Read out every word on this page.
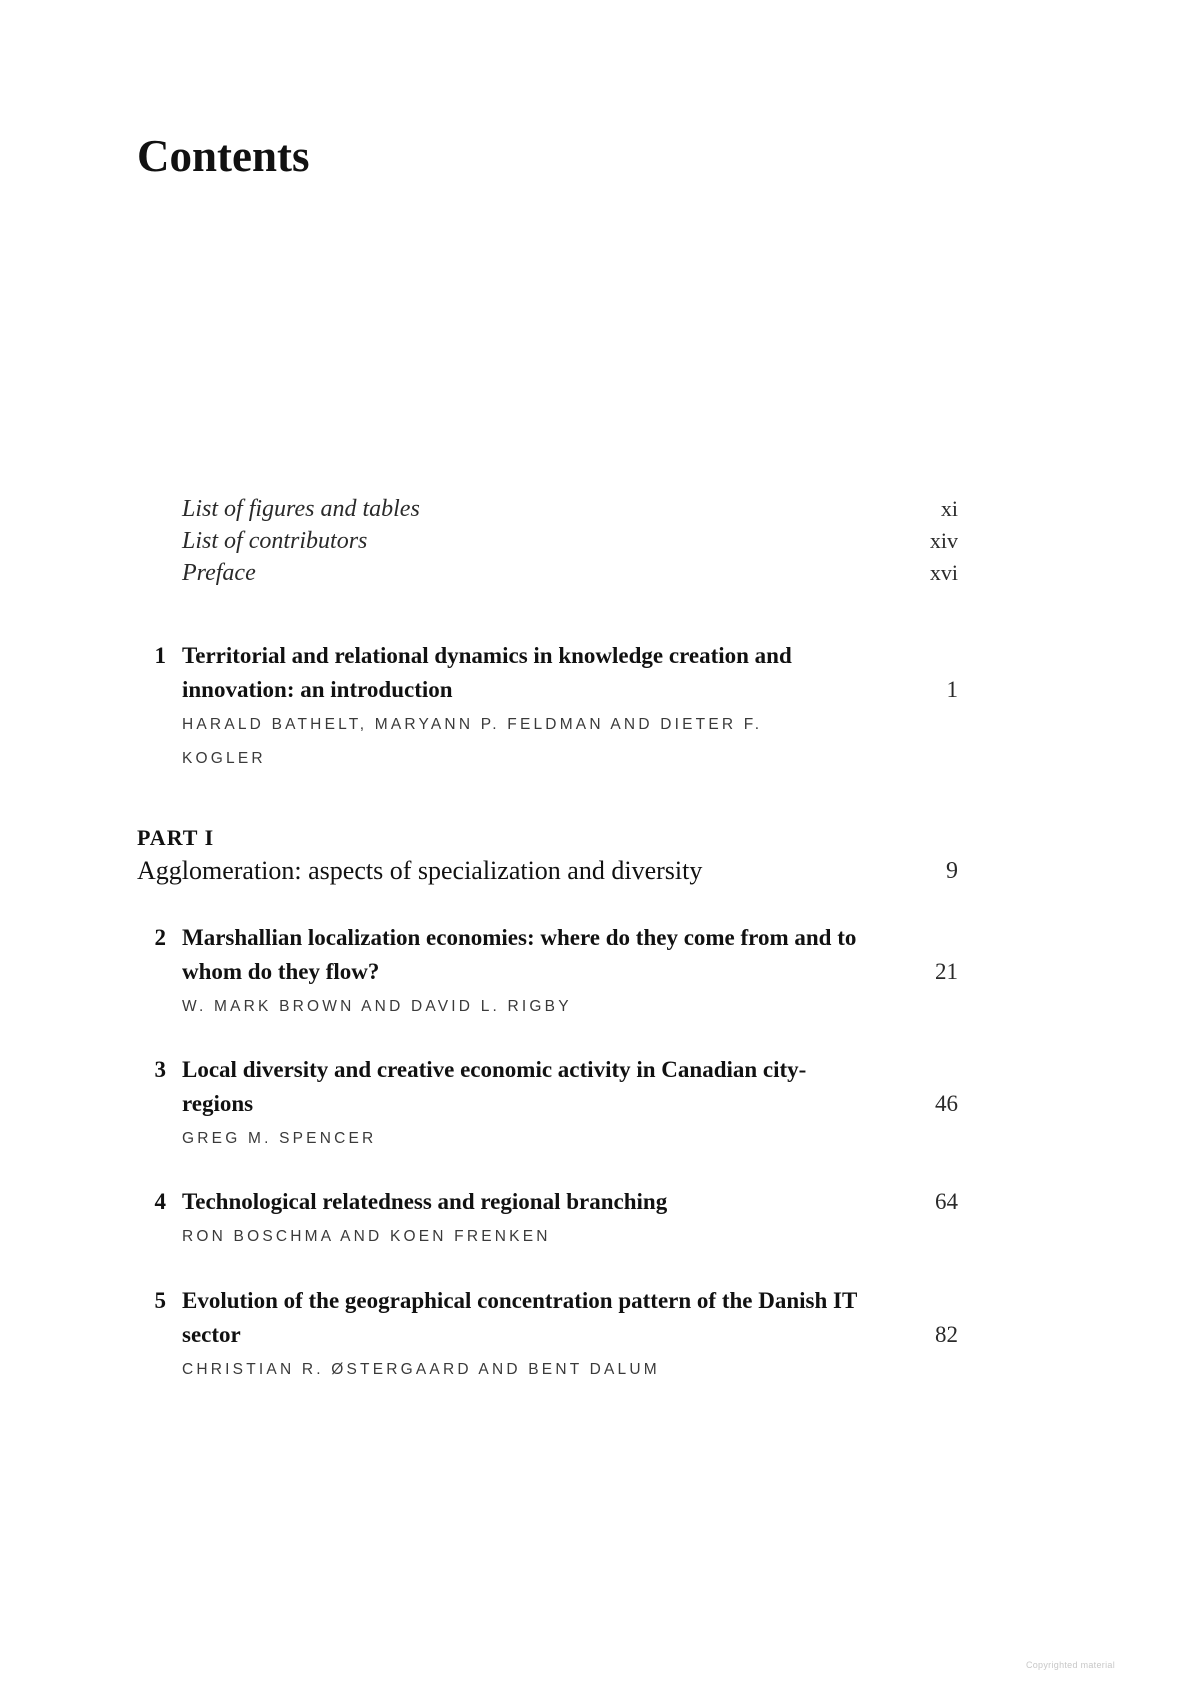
Contents
List of figures and tables	xi
List of contributors	xiv
Preface	xvi
1 Territorial and relational dynamics in knowledge creation and innovation: an introduction	1
HARALD BATHELT, MARYANN P. FELDMAN AND DIETER F. KOGLER
PART I
Agglomeration: aspects of specialization and diversity	9
2 Marshallian localization economies: where do they come from and to whom do they flow?	21
W. MARK BROWN AND DAVID L. RIGBY
3 Local diversity and creative economic activity in Canadian city-regions	46
GREG M. SPENCER
4 Technological relatedness and regional branching	64
RON BOSCHMA AND KOEN FRENKEN
5 Evolution of the geographical concentration pattern of the Danish IT sector	82
CHRISTIAN R. ØSTERGAARD AND BENT DALUM
Copyrighted material
